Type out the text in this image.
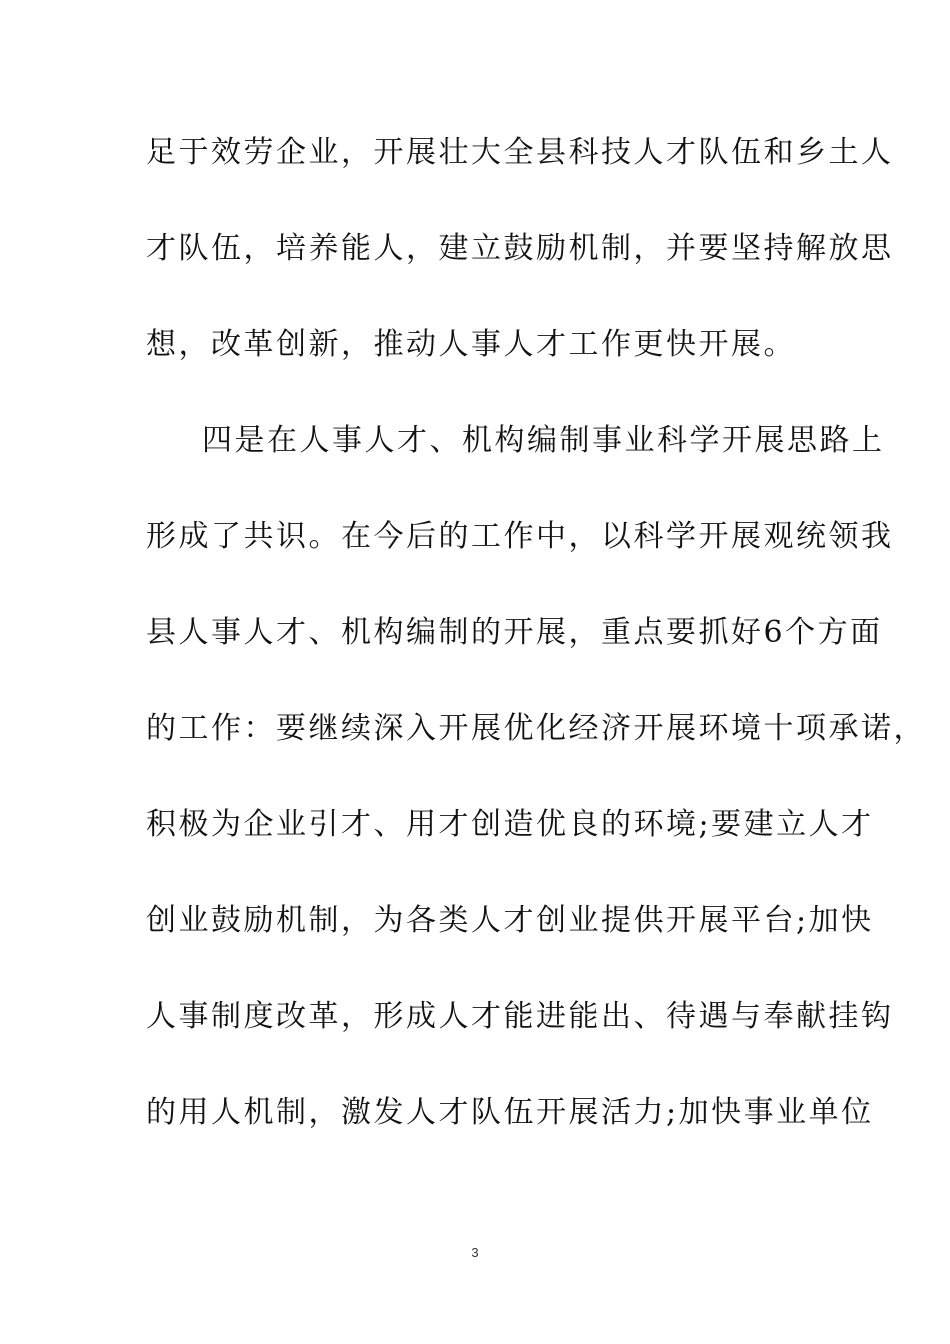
足于效劳企业，开展壮大全县科技人才队伍和乡土人
才队伍，培养能人，建立鼓励机制，并要坚持解放思
想，改革创新，推动人事人才工作更快开展。
四是在人事人才、机构编制事业科学开展思路上
形成了共识。在今后的工作中，以科学开展观统领我
县人事人才、机构编制的开展，重点要抓好6个方面
的工作：要继续深入开展优化经济开展环境十项承诺，
积极为企业引才、用才创造优良的环境;要建立人才
创业鼓励机制，为各类人才创业提供开展平台;加快
人事制度改革，形成人才能进能出、待遇与奉献挂钩
的用人机制，激发人才队伍开展活力;加快事业单位
3
